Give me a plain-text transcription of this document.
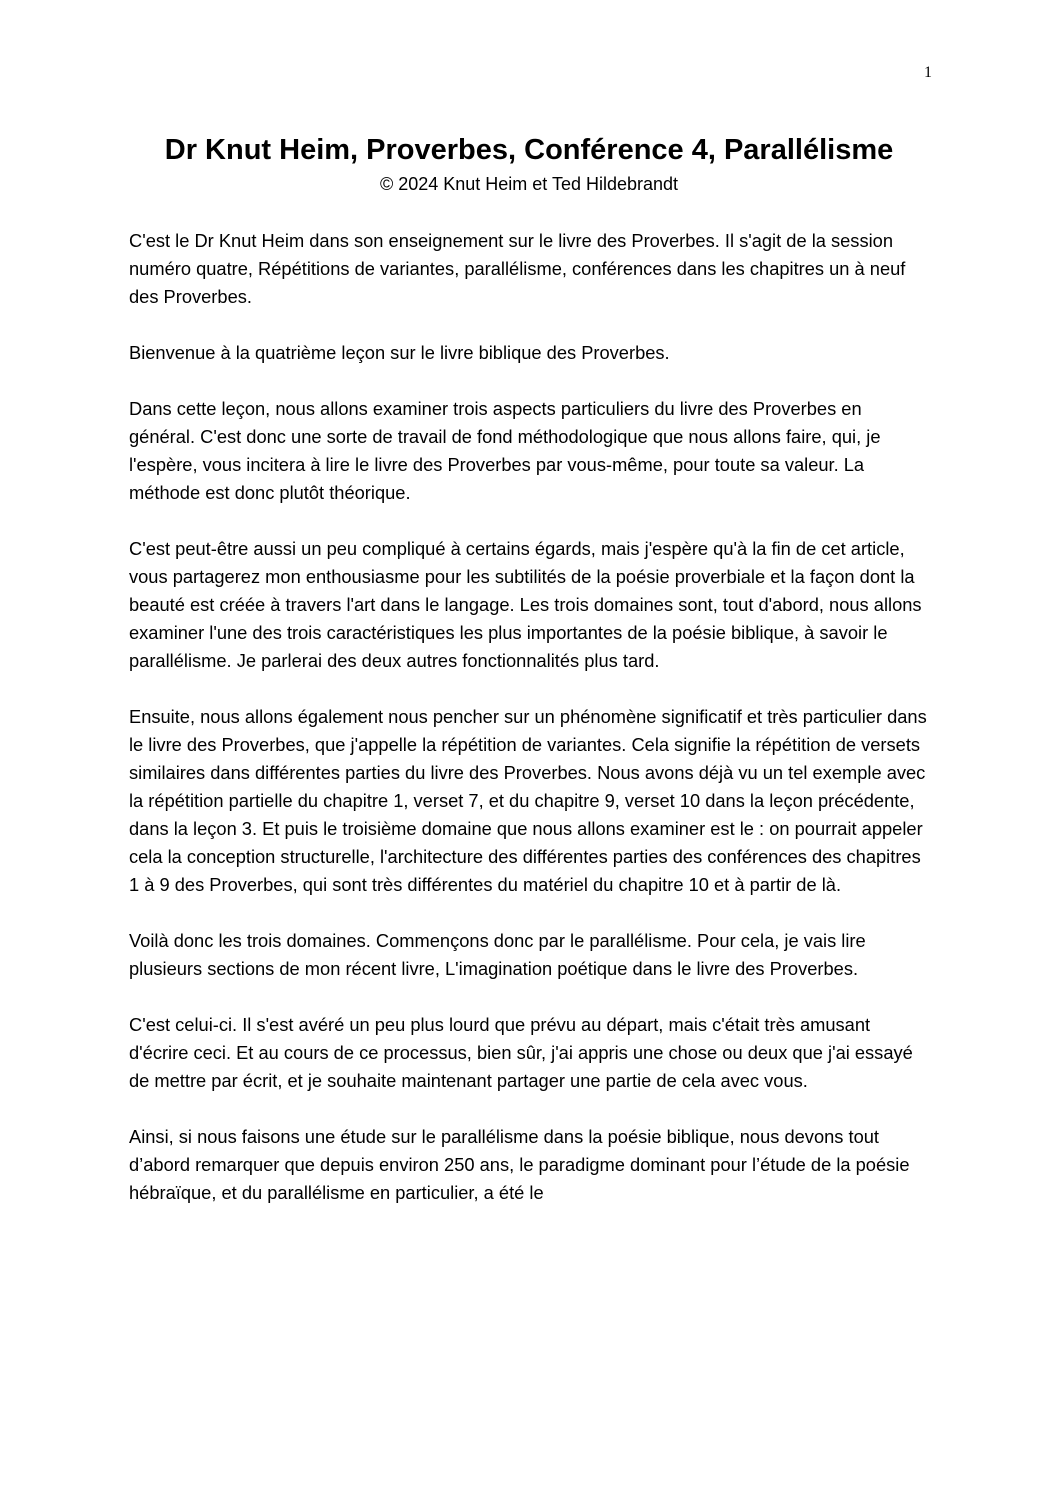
1
Dr Knut Heim, Proverbes, Conférence 4, Parallélisme
© 2024 Knut Heim et Ted Hildebrandt

C'est le Dr Knut Heim dans son enseignement sur le livre des Proverbes. Il s'agit de la session numéro quatre, Répétitions de variantes, parallélisme, conférences dans les chapitres un à neuf des Proverbes.

Bienvenue à la quatrième leçon sur le livre biblique des Proverbes.

Dans cette leçon, nous allons examiner trois aspects particuliers du livre des Proverbes en général. C'est donc une sorte de travail de fond méthodologique que nous allons faire, qui, je l'espère, vous incitera à lire le livre des Proverbes par vous-même, pour toute sa valeur. La méthode est donc plutôt théorique.

C'est peut-être aussi un peu compliqué à certains égards, mais j'espère qu'à la fin de cet article, vous partagerez mon enthousiasme pour les subtilités de la poésie proverbiale et la façon dont la beauté est créée à travers l'art dans le langage. Les trois domaines sont, tout d'abord, nous allons examiner l'une des trois caractéristiques les plus importantes de la poésie biblique, à savoir le parallélisme. Je parlerai des deux autres fonctionnalités plus tard.

Ensuite, nous allons également nous pencher sur un phénomène significatif et très particulier dans le livre des Proverbes, que j'appelle la répétition de variantes. Cela signifie la répétition de versets similaires dans différentes parties du livre des Proverbes. Nous avons déjà vu un tel exemple avec la répétition partielle du chapitre 1, verset 7, et du chapitre 9, verset 10 dans la leçon précédente, dans la leçon 3. Et puis le troisième domaine que nous allons examiner est le : on pourrait appeler cela la conception structurelle, l'architecture des différentes parties des conférences des chapitres 1 à 9 des Proverbes, qui sont très différentes du matériel du chapitre 10 et à partir de là.

Voilà donc les trois domaines. Commençons donc par le parallélisme. Pour cela, je vais lire plusieurs sections de mon récent livre, L'imagination poétique dans le livre des Proverbes.

C'est celui-ci. Il s'est avéré un peu plus lourd que prévu au départ, mais c'était très amusant d'écrire ceci. Et au cours de ce processus, bien sûr, j'ai appris une chose ou deux que j'ai essayé de mettre par écrit, et je souhaite maintenant partager une partie de cela avec vous.

Ainsi, si nous faisons une étude sur le parallélisme dans la poésie biblique, nous devons tout d’abord remarquer que depuis environ 250 ans, le paradigme dominant pour l’étude de la poésie hébraïque, et du parallélisme en particulier, a été le
